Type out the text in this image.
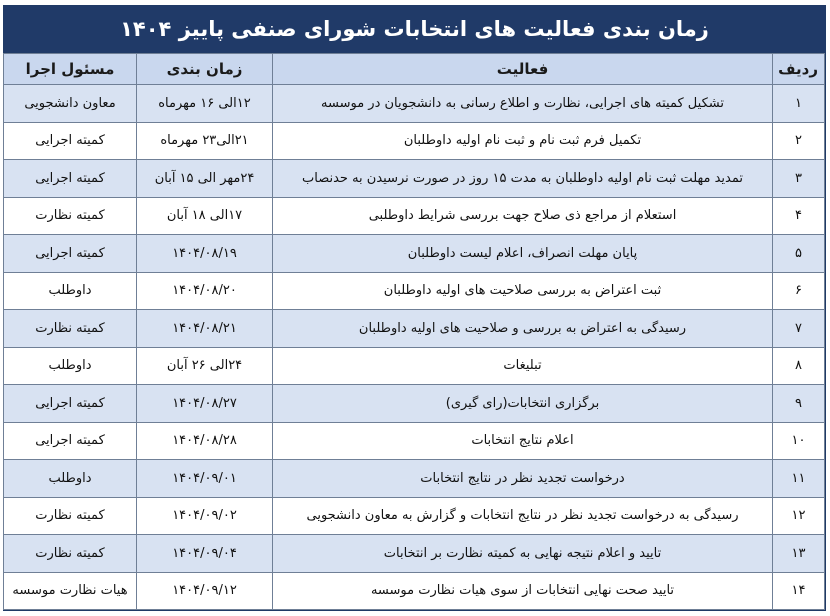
زمان بندی فعالیت های انتخابات شورای صنفی پاییز ۱۴۰۴
ردیف	فعالیت	زمان بندی	مسئول اجرا
۱	تشکیل کمیته های اجرایی، نظارت و اطلاع رسانی به دانشجویان در موسسه	۱۲الی ۱۶ مهرماه	معاون دانشجویی
۲	تکمیل فرم ثبت نام و ثبت نام اولیه داوطلبان	۲۱الی۲۳ مهرماه	کمیته اجرایی
۳	تمدید مهلت ثبت نام اولیه داوطلبان به مدت ۱۵ روز در صورت نرسیدن به حدنصاب	۲۴مهر الی ۱۵ آبان	کمیته اجرایی
۴	استعلام از مراجع ذی صلاح جهت بررسی شرایط داوطلبی	۱۷الی ۱۸ آبان	کمیته نظارت
۵	پایان مهلت انصراف، اعلام لیست داوطلبان	۱۴۰۴/۰۸/۱۹	کمیته اجرایی
۶	ثبت اعتراض به بررسی صلاحیت های اولیه داوطلبان	۱۴۰۴/۰۸/۲۰	داوطلب
۷	رسیدگی به اعتراض به بررسی و صلاحیت های اولیه داوطلبان	۱۴۰۴/۰۸/۲۱	کمیته نظارت
۸	تبلیغات	۲۴الی ۲۶ آبان	داوطلب
۹	برگزاری انتخابات(رای گیری)	۱۴۰۴/۰۸/۲۷	کمیته اجرایی
۱۰	اعلام نتایج انتخابات	۱۴۰۴/۰۸/۲۸	کمیته اجرایی
۱۱	درخواست تجدید نظر در نتایج انتخابات	۱۴۰۴/۰۹/۰۱	داوطلب
۱۲	رسیدگی به درخواست تجدید نظر در نتایج انتخابات و گزارش به معاون دانشجویی	۱۴۰۴/۰۹/۰۲	کمیته نظارت
۱۳	تایید و اعلام نتیجه نهایی به کمیته نظارت بر انتخابات	۱۴۰۴/۰۹/۰۴	کمیته نظارت
۱۴	تایید صحت نهایی انتخابات از سوی هیات نظارت موسسه	۱۴۰۴/۰۹/۱۲	هیات نظارت موسسه
